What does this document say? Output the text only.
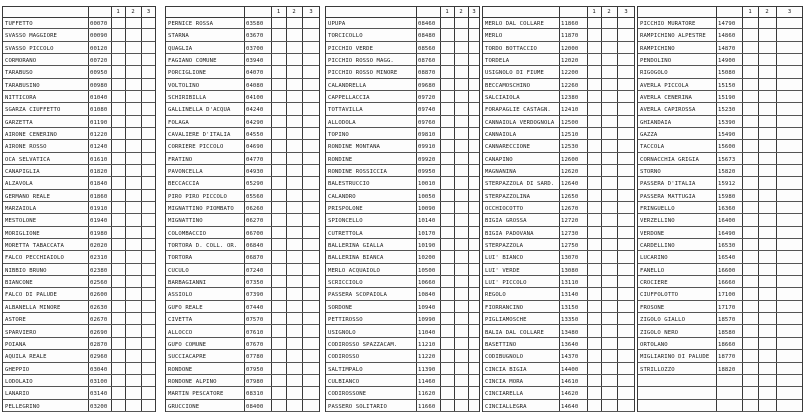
1	2	3
TUFFETTO	00070
SVASSO MAGGIORE	00090
SVASSO PICCOLO	00120
CORMORANO	00720
TARABUSO	00950
TARABUSINO	00980
NITTICORA	01040
SGARZA CIUFFETTO	01080
GARZETTA	01190
AIRONE CENERINO	01220
AIRONE ROSSO	01240
OCA SELVATICA	01610
CANAPIGLIA	01820
ALZAVOLA	01840
GERMANO REALE	01860
MARZAIOLA	01910
MESTOLONE	01940
MORIGLIONE	01980
MORETTA TABACCATA	02020
FALCO PECCHIAIOLO	02310
NIBBIO BRUNO	02380
BIANCONE	02560
FALCO DI PALUDE	02600
ALBANELLA MINORE	02630
ASTORE	02670
SPARVIERO	02690
POIANA	02870
AQUILA REALE	02960
GHEPPIO	03040
LODOLAIO	03100
LANARIO	03140
PELLEGRINO	03200
1	2	3
PERNICE ROSSA	03580
STARNA	03670
QUAGLIA	03700
FAGIANO COMUNE	03940
PORCIGLIONE	04070
VOLTOLINO	04080
SCHIRIBILLA	04100
GALLINELLA D'ACQUA	04240
FOLAGA	04290
CAVALIERE D'ITALIA	04550
CORRIERE PICCOLO	04690
FRATINO	04770
PAVONCELLA	04930
BECCACCIA	05290
PIRO PIRO PICCOLO	05560
MIGNATTINO PIOMBATO	06260
MIGNATTINO	06270
COLOMBACCIO	06700
TORTORA D. COLL. OR.	06840
TORTORA	06870
CUCULO	07240
BARBAGIANNI	07350
ASSIOLO	07390
GUFO REALE	07440
CIVETTA	07570
ALLOCCO	07610
GUFO COMUNE	07670
SUCCIACAPRE	07780
RONDONE	07950
RONDONE ALPINO	07980
MARTIN PESCATORE	08310
GRUCCIONE	08400
1	2	3
UPUPA	08460
TORCICOLLO	08480
PICCHIO VERDE	08560
PICCHIO ROSSO MAGG.	08760
PICCHIO ROSSO MINORE	08870
CALANDRELLA	09680
CAPPELLACCIA	09720
TOTTAVILLA	09740
ALLODOLA	09760
TOPINO	09810
RONDINE MONTANA	09910
RONDINE	09920
RONDINE ROSSICCIA	09950
BALESTRUCCIO	10010
CALANDRO	10050
PRISPOLONE	10090
SPIONCELLO	10140
CUTRETTOLA	10170
BALLERINA GIALLA	10190
BALLERINA BIANCA	10200
MERLO ACQUAIOLO	10500
SCRICCIOLO	10660
PASSERA SCOPAIOLA	10840
SORDONE	10940
PETTIROSSO	10990
USIGNOLO	11040
CODIROSSO SPAZZACAM.	11210
CODIROSSO	11220
SALTIMPALO	11390
CULBIANCO	11460
CODIROSSONE	11620
PASSERO SOLITARIO	11660
1	2	3
MERLO DAL COLLARE	11860
MERLO	11870
TORDO BOTTACCIO	12000
TORDELA	12020
USIGNOLO DI FIUME	12200
BECCAMOSCHINO	12260
SALCIAIOLA	12380
FORAPAGLIE CASTAGN.	12410
CANNAIOLA VERDOGNOLA	12500
CANNAIOLA	12510
CANNARECCIONE	12530
CANAPINO	12600
MAGNANINA	12620
STERPAZZOLA DI SARD.	12640
STERPAZZOLINA	12650
OCCHIOCOTTO	12670
BIGIA GROSSA	12720
BIGIA PADOVANA	12730
STERPAZZOLA	12750
LUI' BIANCO	13070
LUI' VERDE	13080
LUI' PICCOLO	13110
REGOLO	13140
FIORRANCINO	13150
PIGLIAMOSCHE	13350
BALIA DAL COLLARE	13480
BASETTINO	13640
CODIBUGNOLO	14370
CINCIA BIGIA	14400
CINCIA MORA	14610
CINCIARELLA	14620
CINCIALLEGRA	14640
1	2	3
PICCHIO MURATORE	14790
RAMPICHINO ALPESTRE	14860
RAMPICHINO	14870
PENDOLINO	14900
RIGOGOLO	15080
AVERLA PICCOLA	15150
AVERLA CENERINA	15190
AVERLA CAPIROSSA	15230
GHIANDAIA	15390
GAZZA	15490
TACCOLA	15600
CORNACCHIA GRIGIA	15673
STORNO	15820
PASSERA D'ITALIA	15912
PASSERA MATTUGIA	15980
FRINGUELLO	16360
VERZELLINO	16400
VERDONE	16490
CARDELLINO	16530
LUCARINO	16540
FANELLO	16600
CROCIERE	16660
CIUFFOLOTTO	17100
FROSONE	17170
ZIGOLO GIALLO	18570
ZIGOLO NERO	18580
ORTOLANO	18660
MIGLIARINO DI PALUDE	18770
STRILLOZZO	18820
